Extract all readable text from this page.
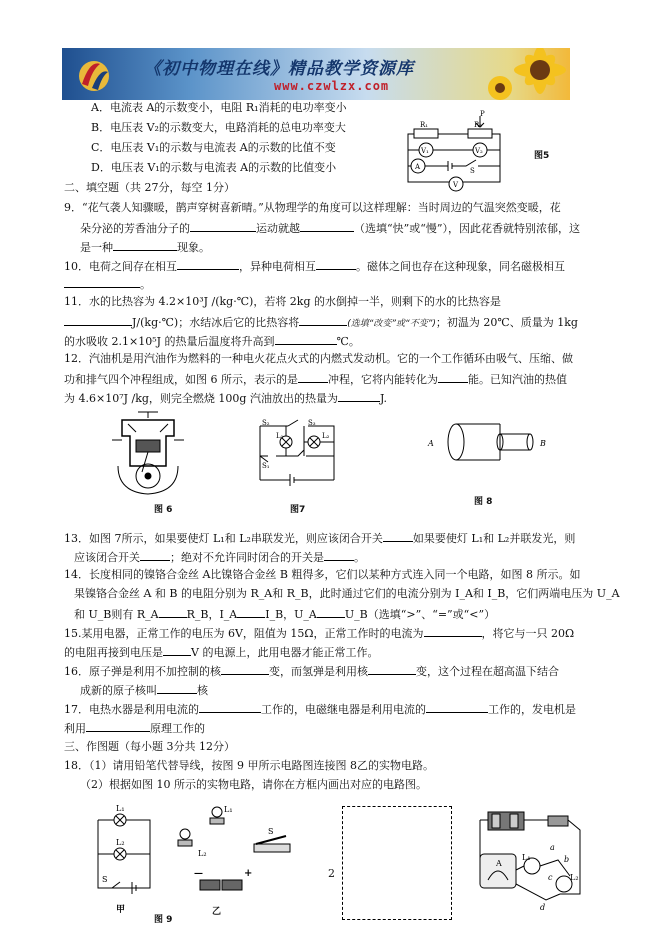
《初中物理在线》精品教学资源库
www.czwlzx.com
A．电流表 A的示数变小，电阻 R₁消耗的电功率变小
B．电压表 V₂的示数变大，电路消耗的总电功率变大
C．电压表 V₁的示数与电流表 A的示数的比值不变
D．电压表 V₁的示数与电流表 A的示数的比值变小
P
R₁	R₂
V₁	V₂
A	S
V
图5
二、填空题（共 27分，每空 1分）
9．“花气袭人知骤暖，鹊声穿树喜新晴。”从物理学的角度可以这样理解：当时周边的气温突然变暖，花
朵分泌的芳香油分子的	运动就越	（选填“快”或“慢”），因此花香就特别浓郁，这
是一种	现象。
10．电荷之间存在相互	，异种电荷相互	。磁体之间也存在这种现象，同名磁极相互
。
11．水的比热容为 4.2×10³J /(kg·℃)，若将 2kg 的水倒掉一半，则剩下的水的比热容是
J/(kg·℃)；水结冰后它的比热容将	(选填“改变”或“不变”)；初温为 20℃、质量为 1kg
的水吸收 2.1×10⁵J 的热量后温度将升高到	℃。
12．汽油机是用汽油作为燃料的一种电火花点火式的内燃式发动机。它的一个工作循环由吸气、压缩、做
功和排气四个冲程组成，如图 6 所示，表示的是	冲程，它将内能转化为	能。已知汽油的热值
为 4.6×10⁷J /kg，则完全燃烧 100g 汽油放出的热量为	J.
图 6
S₂	S₃
L₁	L₂
S₁
图7
A	B
图 8
13．如图 7所示，如果要使灯 L₁和 L₂串联发光，则应该闭合开关	如果要使灯 L₁和 L₂并联发光，则
应该闭合开关	；绝对不允许同时闭合的开关是	。
14．长度相同的镍铬合金丝 A比镍铬合金丝 B 粗得多，它们以某种方式连入同一个电路，如图 8 所示。如
果镍铬合金丝 A 和 B 的电阻分别为 R_A和 R_B，此时通过它们的电流分别为 I_A和 I_B，它们两端电压为 U_A
和 U_B则有 R_A	R_B，I_A	I_B，U_A	U_B（选填“>”、“=”或“<”）
15.某用电器，正常工作的电压为 6V，阻值为 15Ω，正常工作时的电流为	，将它与一只 20Ω
的电阻再接到电压是	V 的电源上，此用电器才能正常工作。
16．原子弹是利用不加控制的核	变，而氢弹是利用核	变，这个过程在超高温下结合
成新的原子核叫	核
17．电热水器是利用电流的	工作的，电磁继电器是利用电流的	工作的，发电机是
利用	原理工作的
三、作图题（每小题 3分共 12分）
18．（1）请用铅笔代替导线，按图 9 甲所示电路图连接图 8乙的实物电路。
（2）根据如图 10 所示的实物电路，请你在方框内画出对应的电路图。
L₁
L₂
S
甲
图 9
L₁
L₂
S
—	+
乙
2
L₁
L₂
A
a
b
c
d
